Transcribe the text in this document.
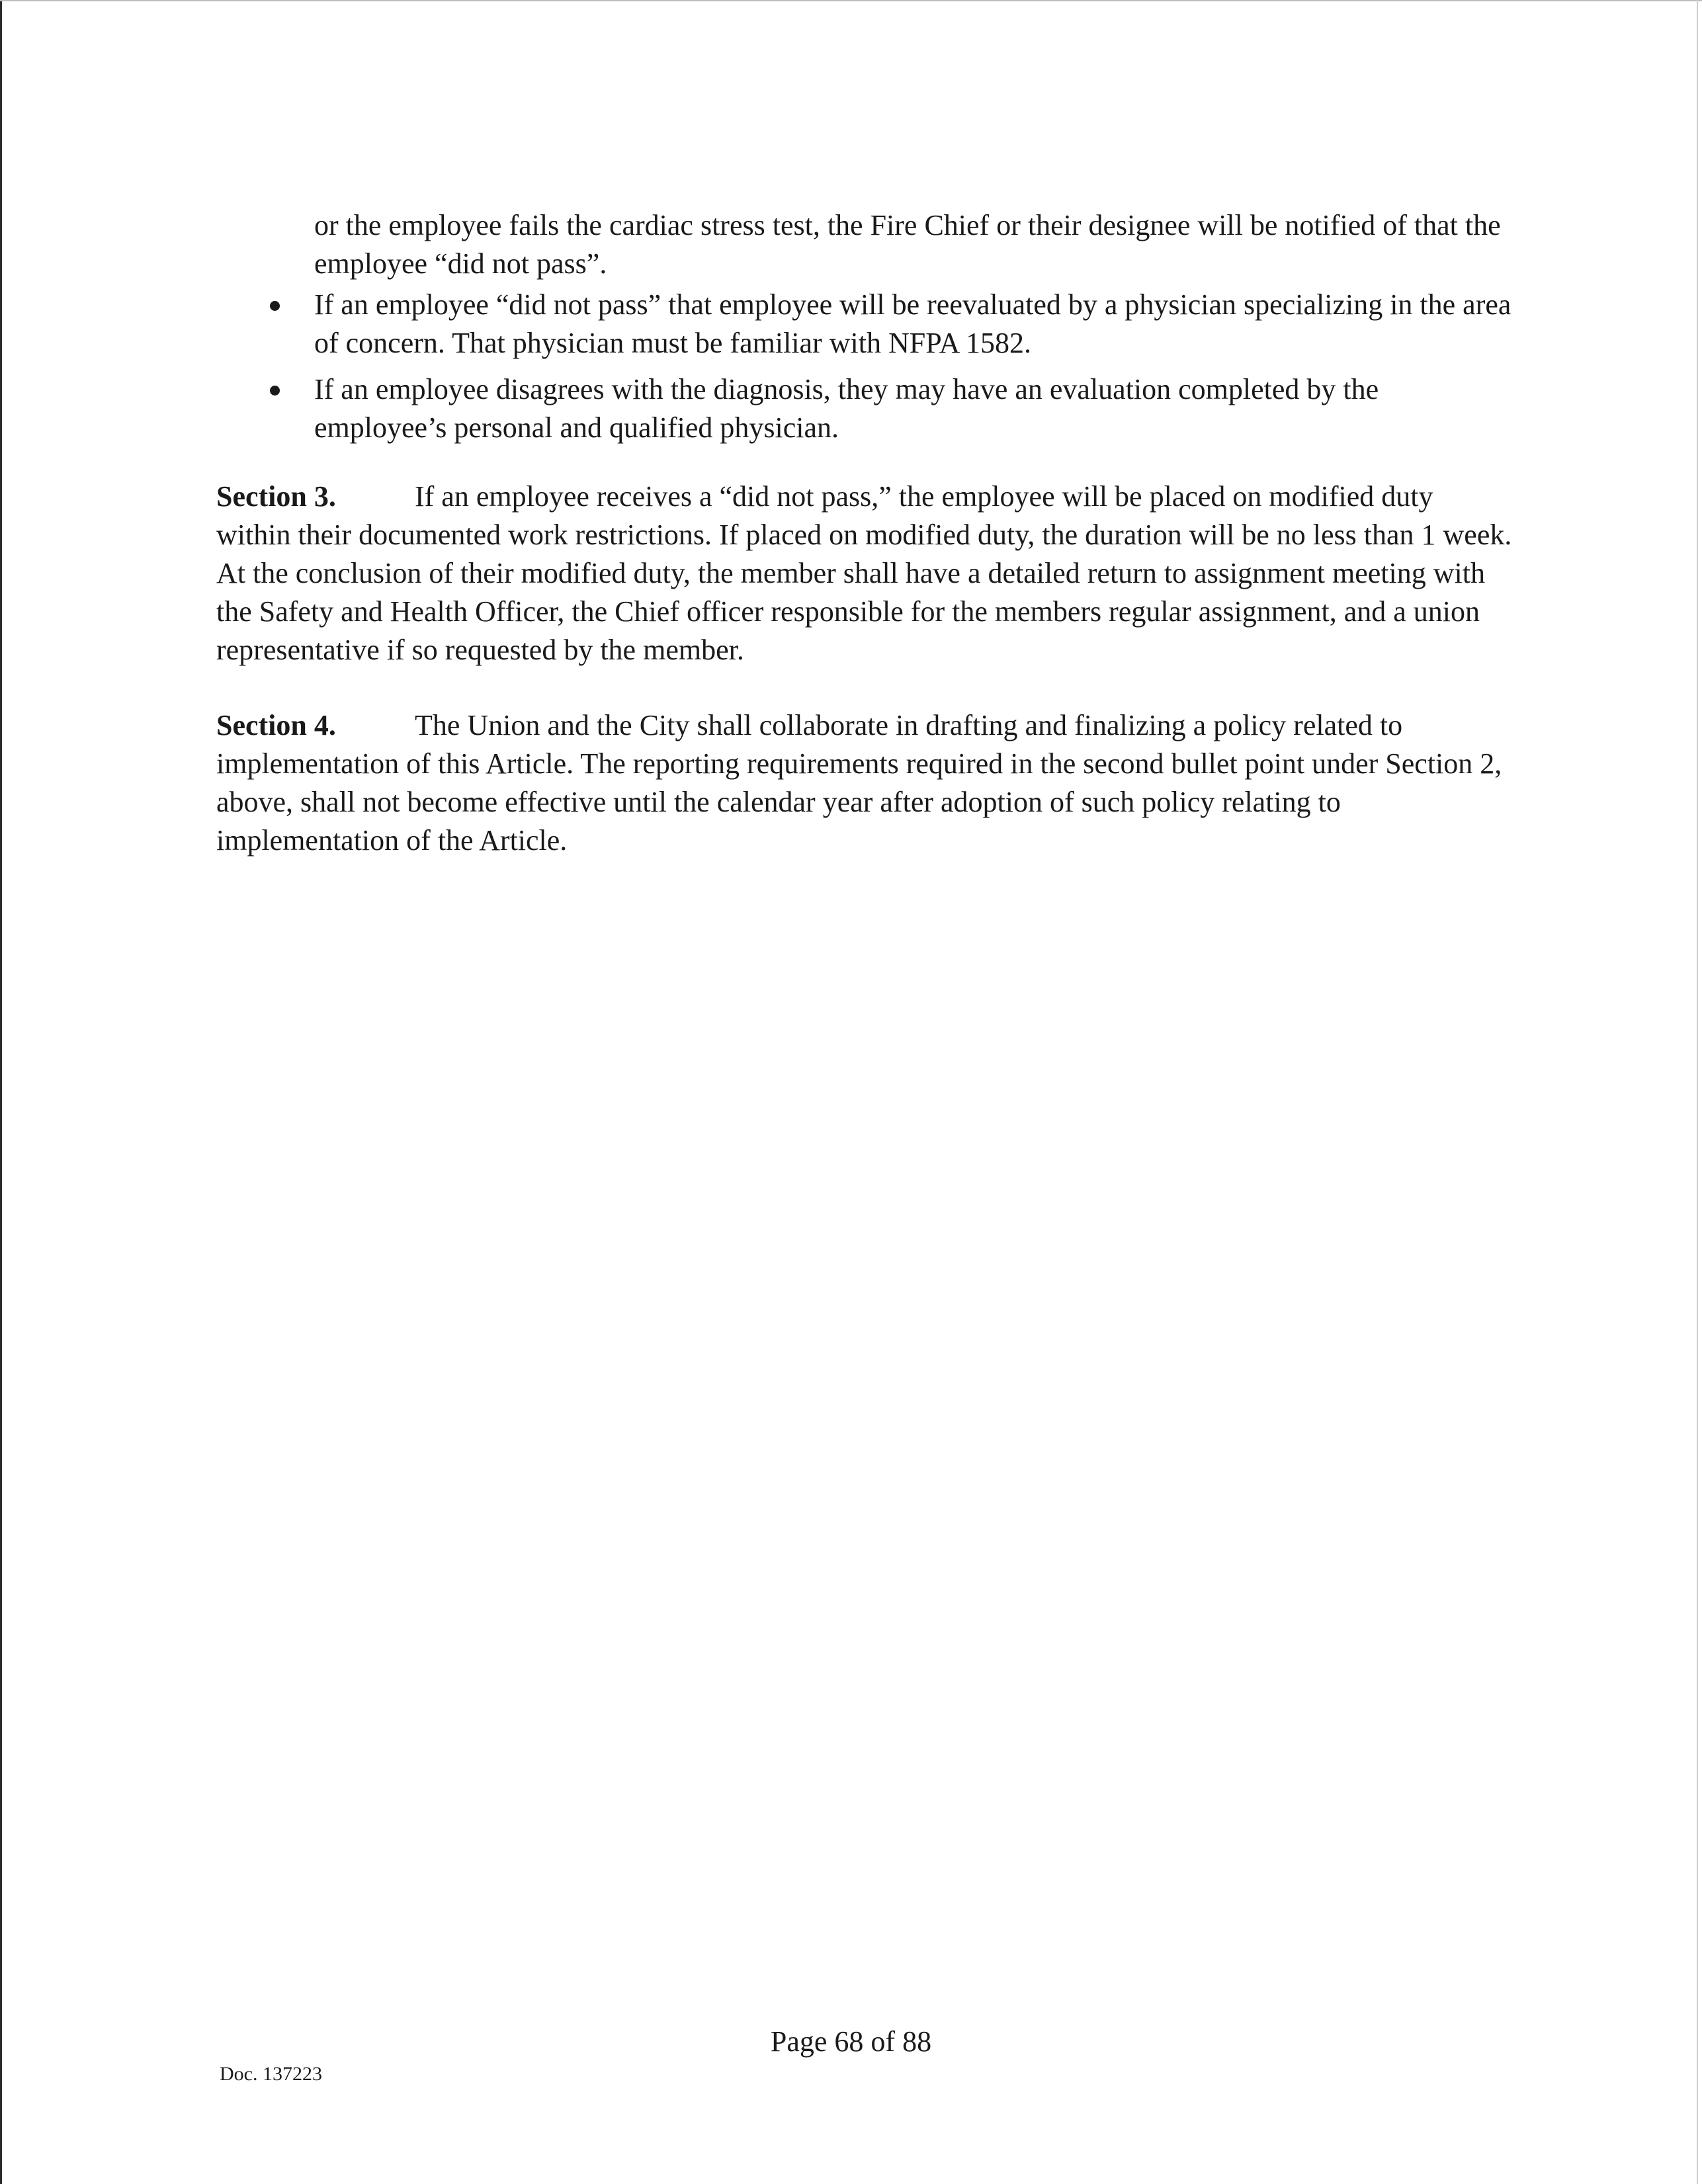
or the employee fails the cardiac stress test, the Fire Chief or their designee will be notified of that the employee “did not pass”.

If an employee “did not pass” that employee will be reevaluated by a physician specializing in the area of concern. That physician must be familiar with NFPA 1582.
If an employee disagrees with the diagnosis, they may have an evaluation completed by the employee’s personal and qualified physician.

Section 3.	If an employee receives a “did not pass,” the employee will be placed on modified duty within their documented work restrictions. If placed on modified duty, the duration will be no less than 1 week. At the conclusion of their modified duty, the member shall have a detailed return to assignment meeting with the Safety and Health Officer, the Chief officer responsible for the members regular assignment, and a union representative if so requested by the member.

Section 4.	The Union and the City shall collaborate in drafting and finalizing a policy related to implementation of this Article. The reporting requirements required in the second bullet point under Section 2, above, shall not become effective until the calendar year after adoption of such policy relating to implementation of the Article.

Page 68 of 88
Doc. 137223
